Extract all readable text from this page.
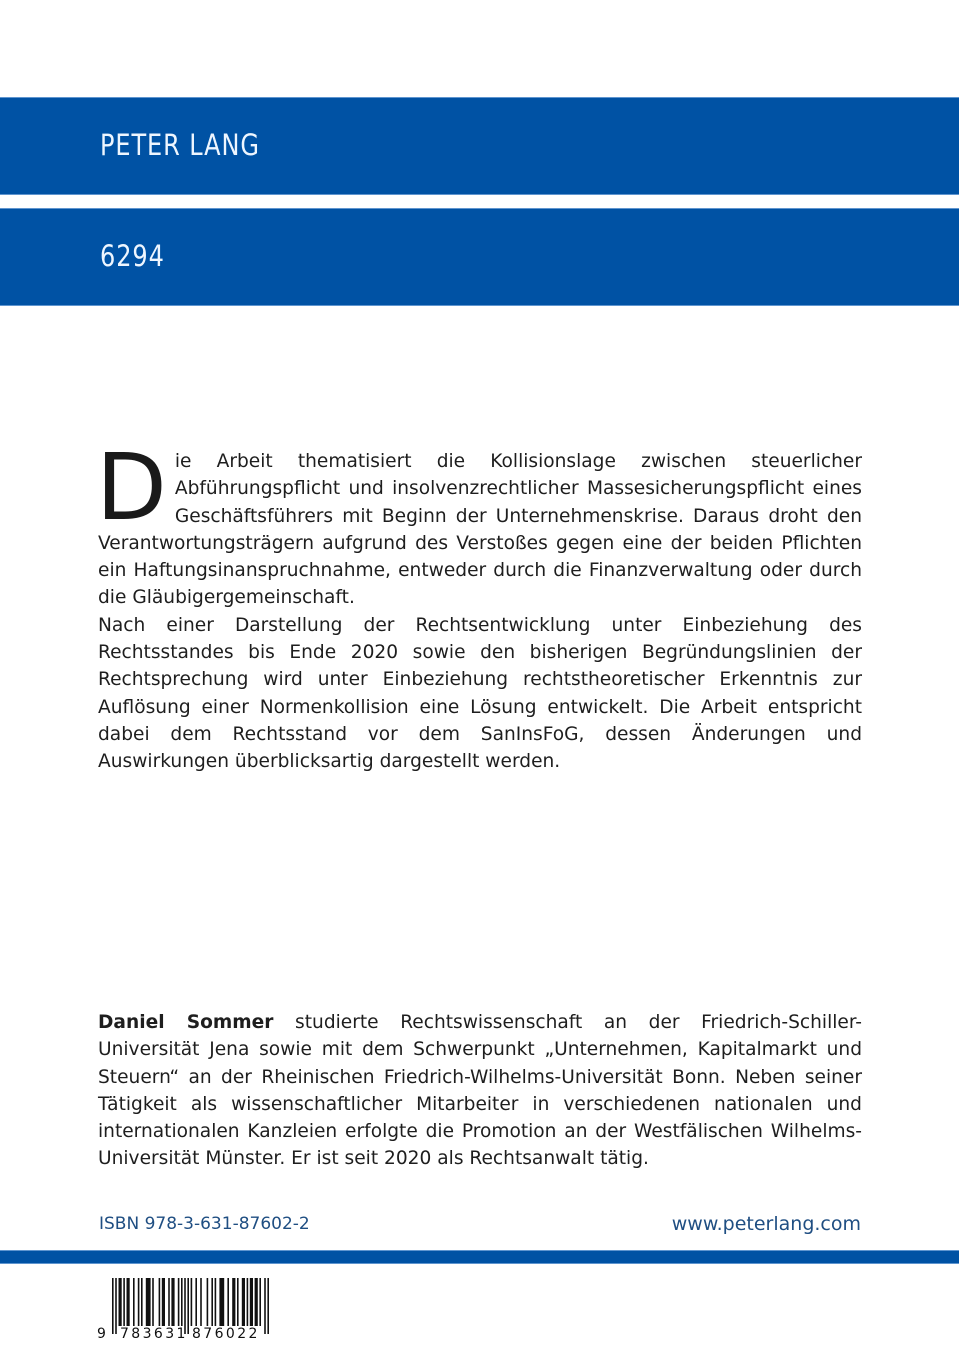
PETER LANG
6294

Die Arbeit thematisiert die Kollisionslage zwischen steuerlicher Abführungspflicht und insolvenzrechtlicher Massesicherungspflicht eines Geschäftsführers mit Beginn der Unternehmenskrise. Daraus droht den Verantwortungsträgern aufgrund des Verstoßes gegen eine der beiden Pflichten ein Haftungsinanspruchnahme, entweder durch die Finanzverwaltung oder durch die Gläubigergemeinschaft.

Nach einer Darstellung der Rechtsentwicklung unter Einbeziehung des Rechtsstandes bis Ende 2020 sowie den bisherigen Begründungslinien der Rechtsprechung wird unter Einbeziehung rechtstheoretischer Erkenntnis zur Auflösung einer Normenkollision eine Lösung entwickelt. Die Arbeit entspricht dabei dem Rechtsstand vor dem SanInsFoG, dessen Änderungen und Auswirkungen überblicksartig dargestellt werden.

Daniel Sommer studierte Rechtswissenschaft an der Friedrich-Schiller-Universität Jena sowie mit dem Schwerpunkt „Unternehmen, Kapitalmarkt und Steuern“ an der Rheinischen Friedrich-Wilhelms-Universität Bonn. Neben seiner Tätigkeit als wissenschaftlicher Mitarbeiter in verschiedenen nationalen und internationalen Kanzleien erfolgte die Promotion an der Westfälischen Wilhelms-Universität Münster. Er ist seit 2020 als Rechtsanwalt tätig.

ISBN 978-3-631-87602-2	www.peterlang.com
9 783631 876022
